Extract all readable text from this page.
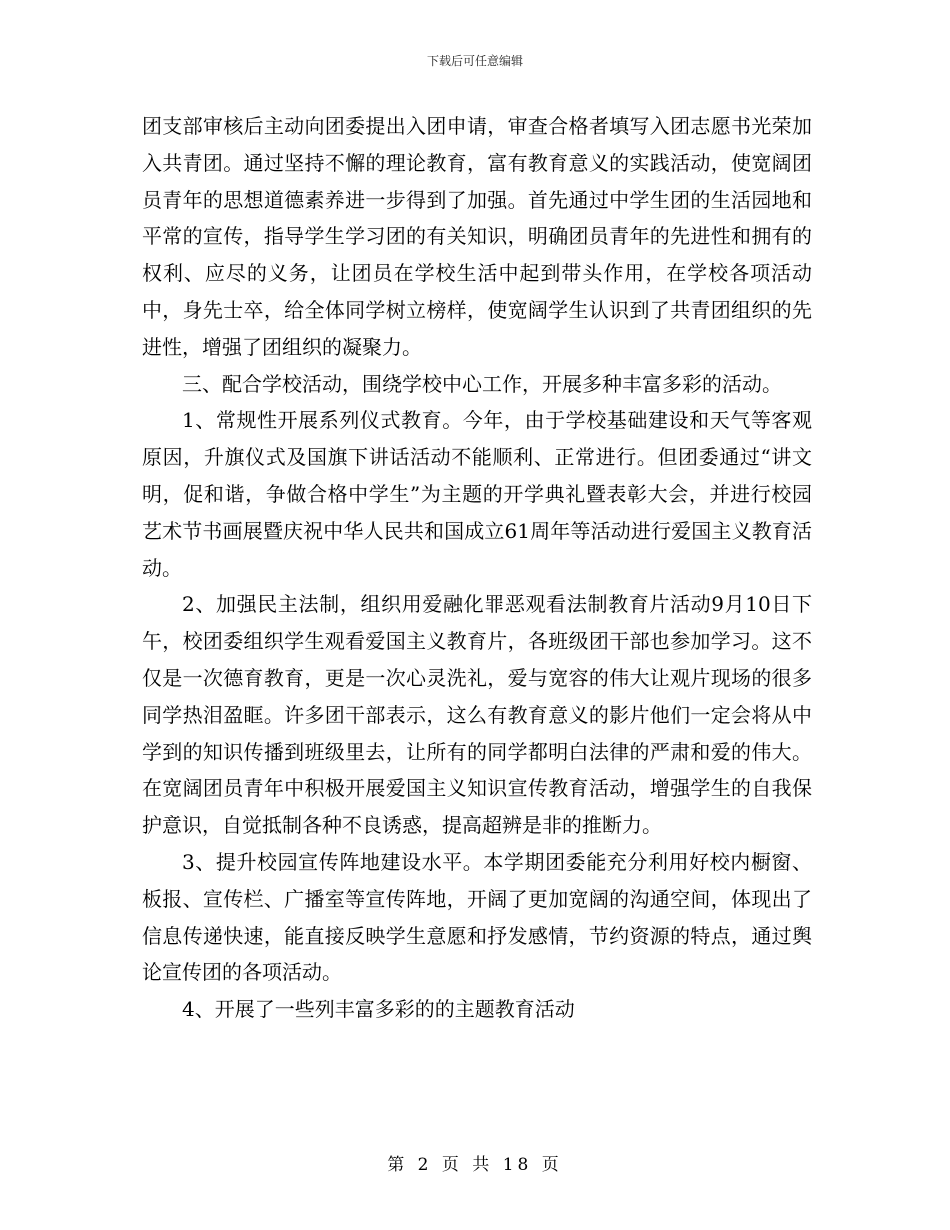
下载后可任意编辑

团支部审核后主动向团委提出入团申请，审查合格者填写入团志愿书光荣加入共青团。通过坚持不懈的理论教育，富有教育意义的实践活动，使宽阔团员青年的思想道德素养进一步得到了加强。首先通过中学生团的生活园地和平常的宣传，指导学生学习团的有关知识，明确团员青年的先进性和拥有的权利、应尽的义务，让团员在学校生活中起到带头作用，在学校各项活动中，身先士卒，给全体同学树立榜样，使宽阔学生认识到了共青团组织的先进性，增强了团组织的凝聚力。

三、配合学校活动，围绕学校中心工作，开展多种丰富多彩的活动。

1、常规性开展系列仪式教育。今年，由于学校基础建设和天气等客观原因，升旗仪式及国旗下讲话活动不能顺利、正常进行。但团委通过“讲文明，促和谐，争做合格中学生”为主题的开学典礼暨表彰大会，并进行校园艺术节书画展暨庆祝中华人民共和国成立61周年等活动进行爱国主义教育活动。

2、加强民主法制，组织用爱融化罪恶观看法制教育片活动9月10日下午，校团委组织学生观看爱国主义教育片，各班级团干部也参加学习。这不仅是一次德育教育，更是一次心灵洗礼，爱与宽容的伟大让观片现场的很多同学热泪盈眶。许多团干部表示，这么有教育意义的影片他们一定会将从中学到的知识传播到班级里去，让所有的同学都明白法律的严肃和爱的伟大。在宽阔团员青年中积极开展爱国主义知识宣传教育活动，增强学生的自我保护意识，自觉抵制各种不良诱惑，提高超辨是非的推断力。

3、提升校园宣传阵地建设水平。本学期团委能充分利用好校内橱窗、板报、宣传栏、广播室等宣传阵地，开阔了更加宽阔的沟通空间，体现出了信息传递快速，能直接反映学生意愿和抒发感情，节约资源的特点，通过舆论宣传团的各项活动。

4、开展了一些列丰富多彩的的主题教育活动

第 2 页 共 18 页
